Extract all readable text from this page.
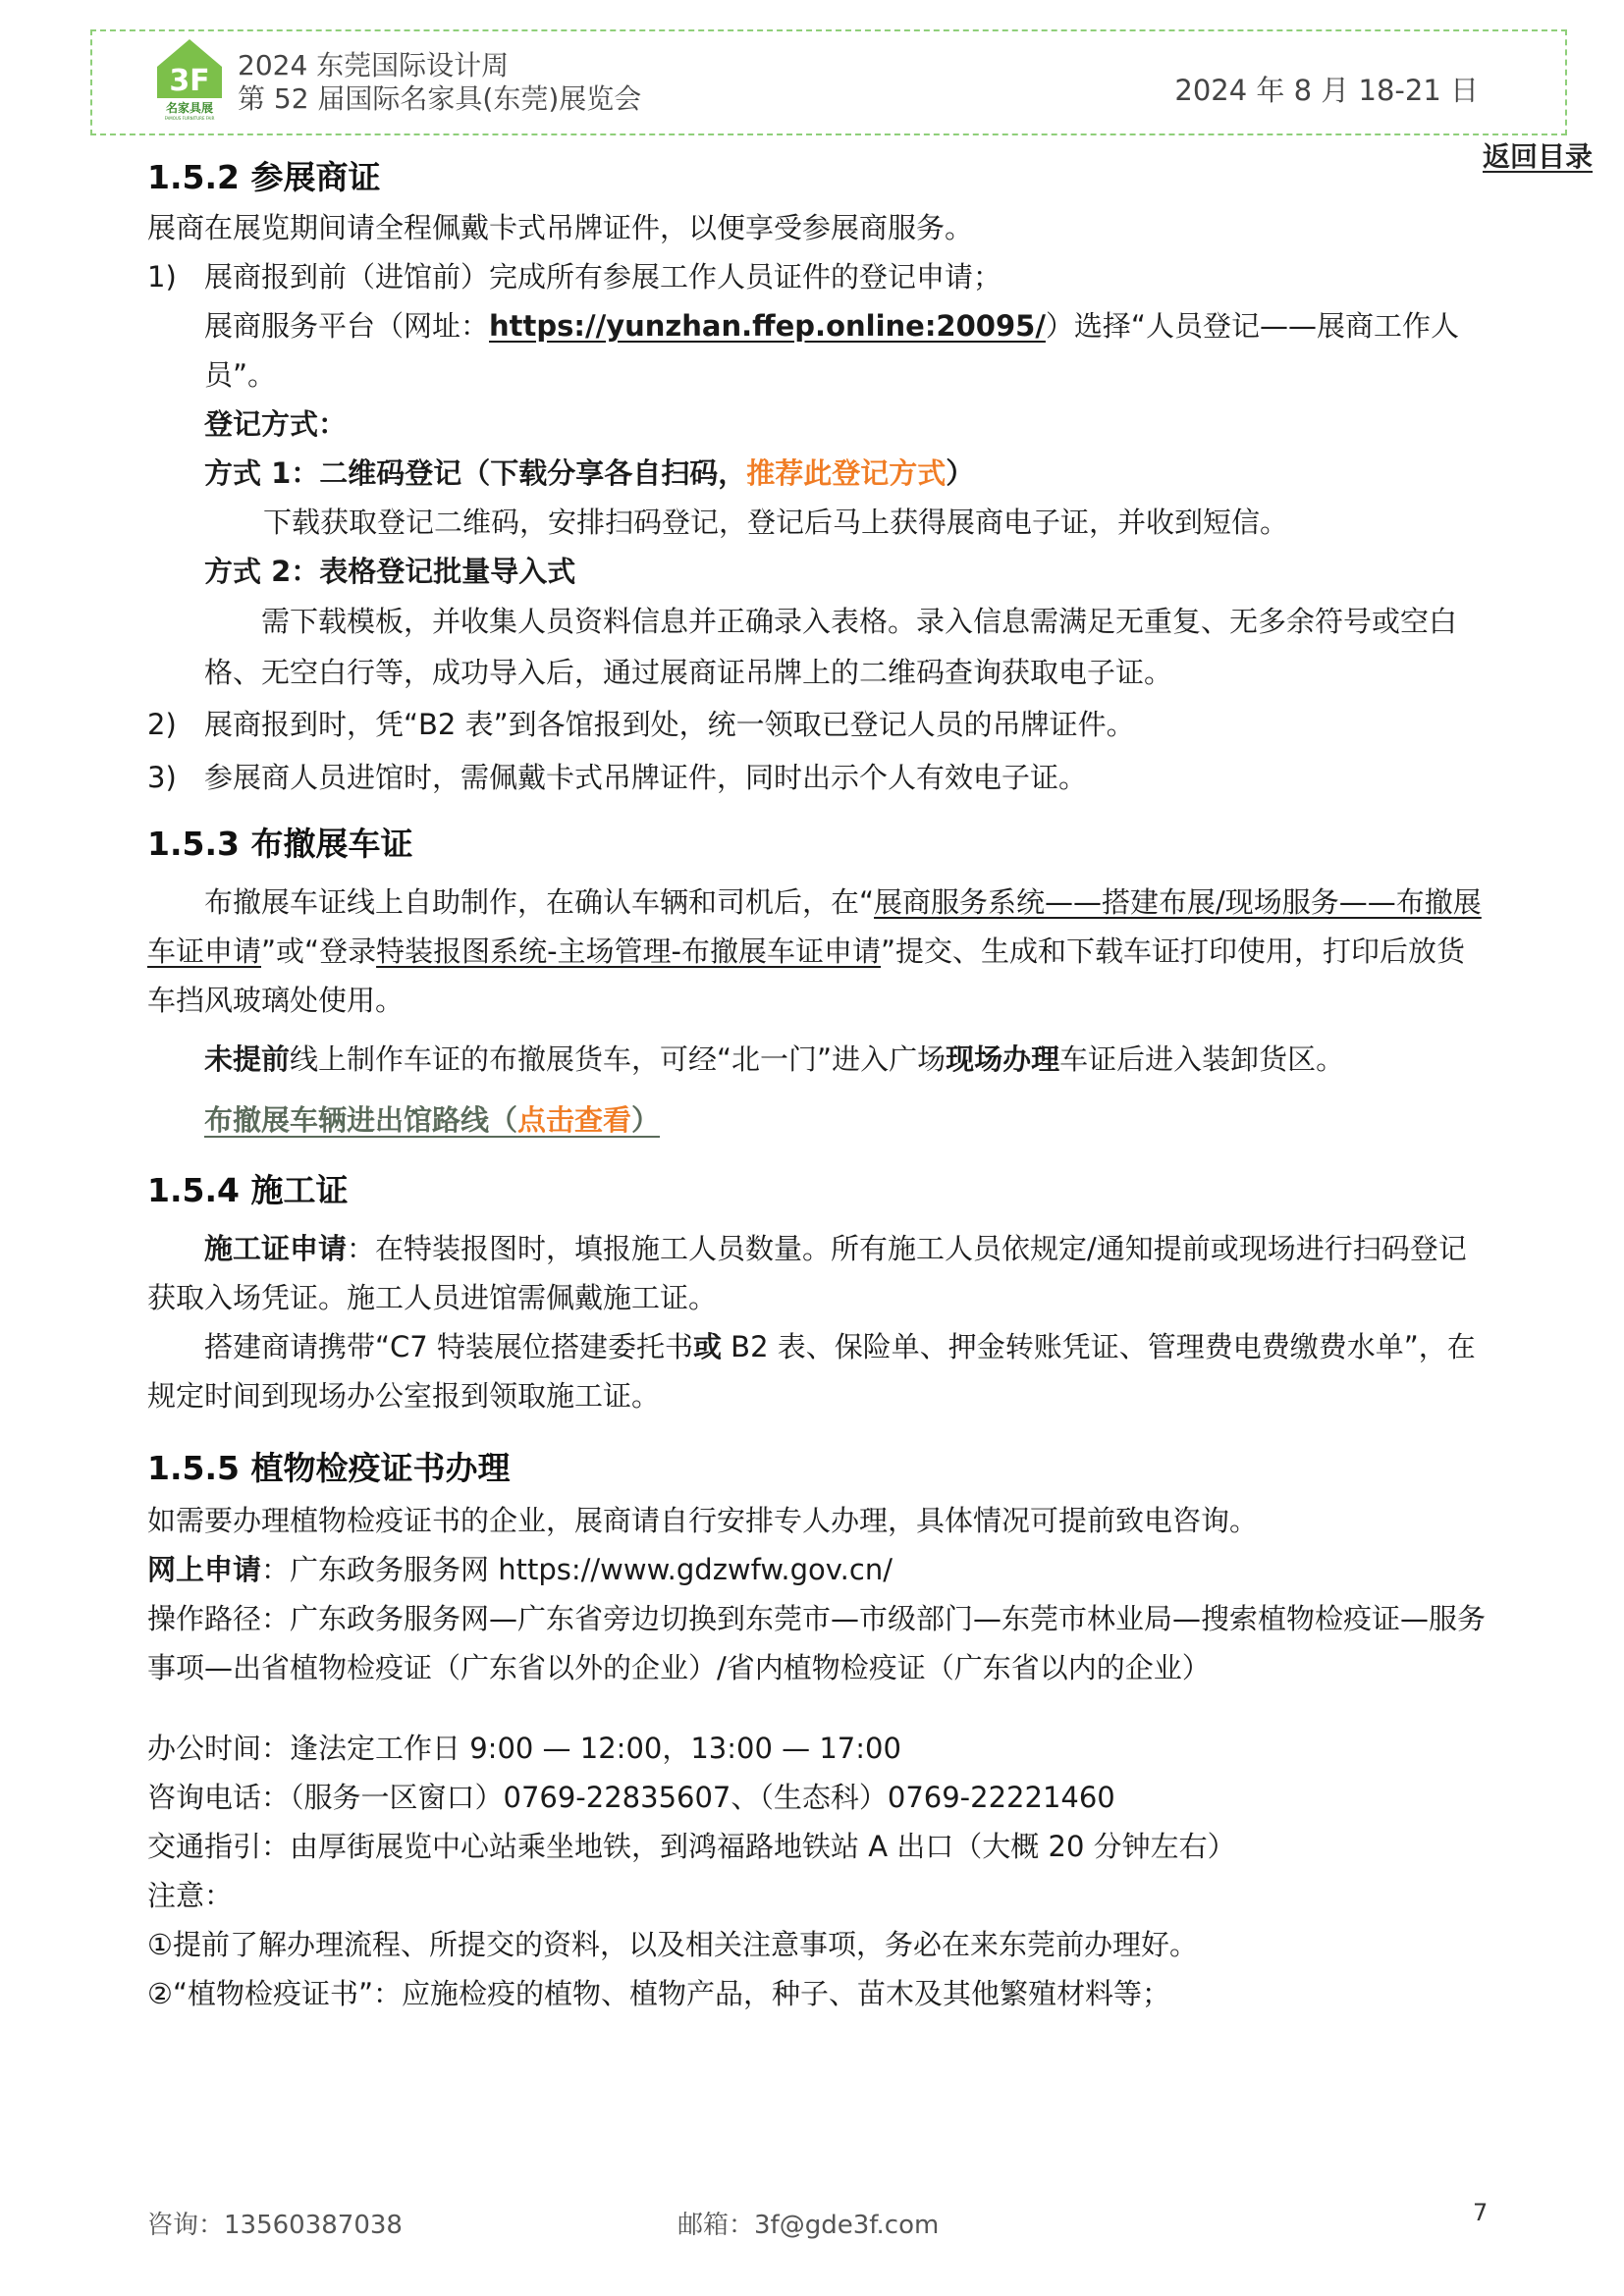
3F
名家具展
FAMOUS FURNITURE FAIR
2024 东莞国际设计周
第 52 届国际名家具(东莞)展览会	2024 年 8 月 18-21 日
返回目录
1.5.2 参展商证

展商在展览期间请全程佩戴卡式吊牌证件，以便享受参展商服务。

1) 展商报到前（进馆前）完成所有参展工作人员证件的登记申请；

展商服务平台（网址：https://yunzhan.ffep.online:20095/）选择“人员登记——展商工作人员”。

登记方式：

方式 1：二维码登记（下载分享各自扫码，推荐此登记方式）

下载获取登记二维码，安排扫码登记，登记后马上获得展商电子证，并收到短信。

方式 2：表格登记批量导入式

需下载模板，并收集人员资料信息并正确录入表格。录入信息需满足无重复、无多余符号或空白格、无空白行等，成功导入后，通过展商证吊牌上的二维码查询获取电子证。

2) 展商报到时，凭“B2 表”到各馆报到处，统一领取已登记人员的吊牌证件。

3) 参展商人员进馆时，需佩戴卡式吊牌证件，同时出示个人有效电子证。

1.5.3 布撤展车证

布撤展车证线上自助制作，在确认车辆和司机后，在“展商服务系统——搭建布展/现场服务——布撤展车证申请”或“登录特装报图系统-主场管理-布撤展车证申请”提交、生成和下载车证打印使用，打印后放货车挡风玻璃处使用。

未提前线上制作车证的布撤展货车，可经“北一门”进入广场现场办理车证后进入装卸货区。

布撤展车辆进出馆路线（点击查看）

1.5.4 施工证

施工证申请：在特装报图时，填报施工人员数量。所有施工人员依规定/通知提前或现场进行扫码登记获取入场凭证。施工人员进馆需佩戴施工证。

搭建商请携带“C7 特装展位搭建委托书或 B2 表、保险单、押金转账凭证、管理费电费缴费水单”，在规定时间到现场办公室报到领取施工证。

1.5.5 植物检疫证书办理

如需要办理植物检疫证书的企业，展商请自行安排专人办理，具体情况可提前致电咨询。

网上申请：广东政务服务网 https://www.gdzwfw.gov.cn/

操作路径：广东政务服务网—广东省旁边切换到东莞市—市级部门—东莞市林业局—搜索植物检疫证—服务事项—出省植物检疫证（广东省以外的企业）/省内植物检疫证（广东省以内的企业）

办公时间：逢法定工作日 9:00 — 12:00，13:00 — 17:00

咨询电话：（服务一区窗口）0769-22835607、（生态科）0769-22221460

交通指引：由厚街展览中心站乘坐地铁，到鸿福路地铁站 A 出口（大概 20 分钟左右）

注意：

①提前了解办理流程、所提交的资料，以及相关注意事项，务必在来东莞前办理好。

②“植物检疫证书”：应施检疫的植物、植物产品，种子、苗木及其他繁殖材料等；

咨询：13560387038	邮箱：3f@gde3f.com	7
